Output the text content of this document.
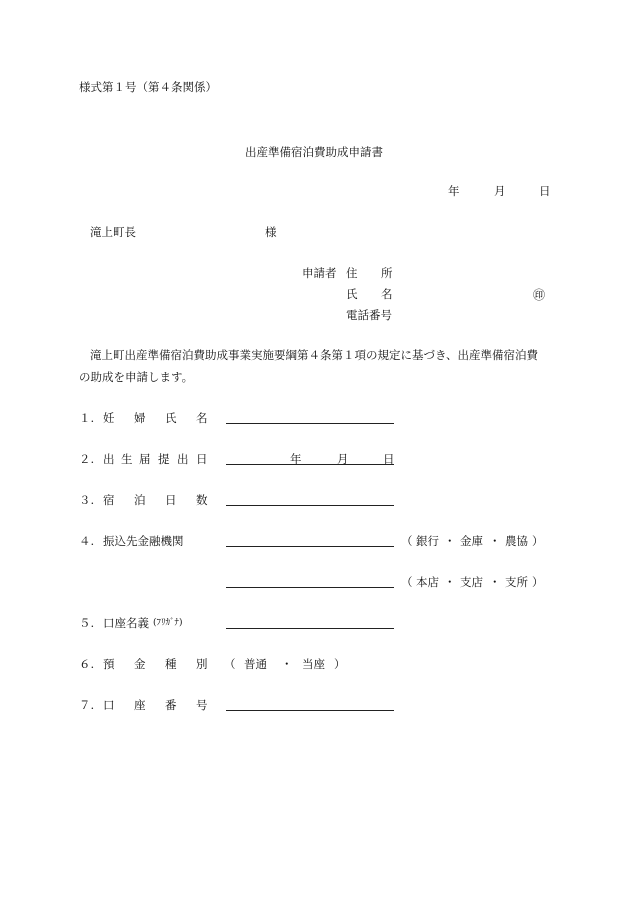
様式第１号（第４条関係）
出産準備宿泊費助成申請書
年	月	日
滝上町長	様
申請者 住 所
氏 名	㊞
電話番号
滝上町出産準備宿泊費助成事業実施要綱第４条第１項の規定に基づき、出産準備宿泊費
の助成を申請します。
１. 妊 婦 氏 名
２. 出 生 届 提 出 日	年	月	日
３. 宿 泊 日 数
４. 振込先金融機関	（ 銀行 ・ 金庫 ・ 農協 ）
（ 本店 ・ 支店 ・ 支所 ）
５. 口座名義 (ﾌﾘｶﾞﾅ)
６. 預 金 種 別 （ 普通 ・ 当座 ）
７. 口 座 番 号
